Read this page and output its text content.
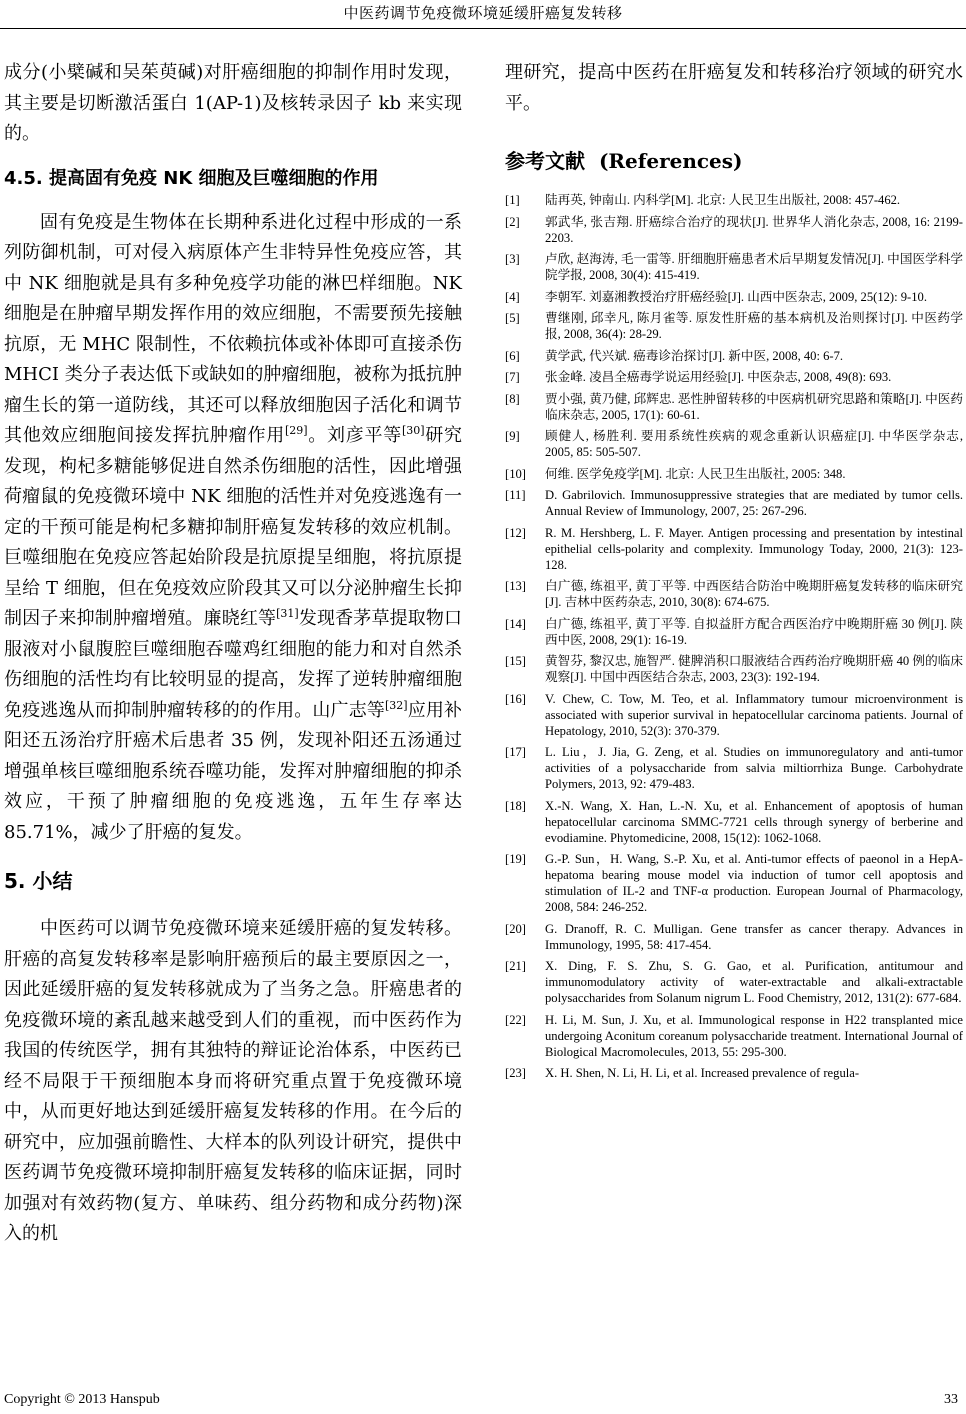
中医药调节免疫微环境延缓肝癌复发转移

成分(小檗碱和吴茱萸碱)对肝癌细胞的抑制作用时发现，其主要是切断激活蛋白 1(AP-1)及核转录因子 kb 来实现的。

4.5. 提高固有免疫 NK 细胞及巨噬细胞的作用

固有免疫是生物体在长期种系进化过程中形成的一系列防御机制，可对侵入病原体产生非特异性免疫应答，其中 NK 细胞就是具有多种免疫学功能的淋巴样细胞。NK 细胞是在肿瘤早期发挥作用的效应细胞，不需要预先接触抗原，无 MHC 限制性，不依赖抗体或补体即可直接杀伤 MHCI 类分子表达低下或缺如的肿瘤细胞，被称为抵抗肿瘤生长的第一道防线，其还可以释放细胞因子活化和调节其他效应细胞间接发挥抗肿瘤作用[29]。刘彦平等[30]研究发现，枸杞多糖能够促进自然杀伤细胞的活性，因此增强荷瘤鼠的免疫微环境中 NK 细胞的活性并对免疫逃逸有一定的干预可能是枸杞多糖抑制肝癌复发转移的效应机制。巨噬细胞在免疫应答起始阶段是抗原提呈细胞，将抗原提呈给 T 细胞，但在免疫效应阶段其又可以分泌肿瘤生长抑制因子来抑制肿瘤增殖。廉晓红等[31]发现香茅草提取物口服液对小鼠腹腔巨噬细胞吞噬鸡红细胞的能力和对自然杀伤细胞的活性均有比较明显的提高，发挥了逆转肿瘤细胞免疫逃逸从而抑制肿瘤转移的的作用。山广志等[32]应用补阳还五汤治疗肝癌术后患者 35 例，发现补阳还五汤通过增强单核巨噬细胞系统吞噬功能，发挥对肿瘤细胞的抑杀效应，干预了肿瘤细胞的免疫逃逸，五年生存率达 85.71%，减少了肝癌的复发。

5. 小结

中医药可以调节免疫微环境来延缓肝癌的复发转移。肝癌的高复发转移率是影响肝癌预后的最主要原因之一，因此延缓肝癌的复发转移就成为了当务之急。肝癌患者的免疫微环境的紊乱越来越受到人们的重视，而中医药作为我国的传统医学，拥有其独特的辩证论治体系，中医药已经不局限于干预细胞本身而将研究重点置于免疫微环境中，从而更好地达到延缓肝癌复发转移的作用。在今后的研究中，应加强前瞻性、大样本的队列设计研究，提供中医药调节免疫微环境抑制肝癌复发转移的临床证据，同时加强对有效药物(复方、单味药、组分药物和成分药物)深入的机

理研究，提高中医药在肝癌复发和转移治疗领域的研究水平。

参考文献 (References)
[1]	陆再英, 钟南山. 内科学[M]. 北京: 人民卫生出版社, 2008: 457-462.
[2]	郭武华, 张吉翔. 肝癌综合治疗的现状[J]. 世界华人消化杂志, 2008, 16: 2199-2203.
[3]	卢欣, 赵海涛, 毛一雷等. 肝细胞肝癌患者术后早期复发情况[J]. 中国医学科学院学报, 2008, 30(4): 415-419.
[4]	李朝军. 刘嘉湘教授治疗肝癌经验[J]. 山西中医杂志, 2009, 25(12): 9-10.
[5]	曹继刚, 邱幸凡, 陈月雀等. 原发性肝癌的基本病机及治则探讨[J]. 中医药学报, 2008, 36(4): 28-29.
[6]	黄学武, 代兴斌. 癌毒诊治探讨[J]. 新中医, 2008, 40: 6-7.
[7]	张金峰. 凌昌全癌毒学说运用经验[J]. 中医杂志, 2008, 49(8): 693.
[8]	贾小强, 黄乃健, 邱辉忠. 恶性肿留转移的中医病机研究思路和策略[J]. 中医药临床杂志, 2005, 17(1): 60-61.
[9]	顾健人, 杨胜利. 要用系统性疾病的观念重新认识癌症[J]. 中华医学杂志, 2005, 85: 505-507.
[10]	何维. 医学免疫学[M]. 北京: 人民卫生出版社, 2005: 348.
[11]	D. Gabrilovich. Immunosuppressive strategies that are mediated by tumor cells. Annual Review of Immunology, 2007, 25: 267-296.
[12]	R. M. Hershberg, L. F. Mayer. Antigen processing and presentation by intestinal epithelial cells-polarity and complexity. Immunology Today, 2000, 21(3): 123-128.
[13]	白广德, 练祖平, 黄丁平等. 中西医结合防治中晚期肝癌复发转移的临床研究[J]. 吉林中医药杂志, 2010, 30(8): 674-675.
[14]	白广德, 练祖平, 黄丁平等. 自拟益肝方配合西医治疗中晚期肝癌 30 例[J]. 陕西中医, 2008, 29(1): 16-19.
[15]	黄智芬, 黎汉忠, 施智严. 健脾消积口服液结合西药治疗晚期肝癌 40 例的临床观察[J]. 中国中西医结合杂志, 2003, 23(3): 192-194.
[16]	V. Chew, C. Tow, M. Teo, et al. Inflammatory tumour microenvironment is associated with superior survival in hepatocellular carcinoma patients. Journal of Hepatology, 2010, 52(3): 370-379.
[17]	L. Liu，J. Jia, G. Zeng, et al. Studies on immunoregulatory and anti-tumor activities of a polysaccharide from salvia miltiorrhiza Bunge. Carbohydrate Polymers, 2013, 92: 479-483.
[18]	X.-N. Wang, X. Han, L.-N. Xu, et al. Enhancement of apoptosis of human hepatocellular carcinoma SMMC-7721 cells through synergy of berberine and evodiamine. Phytomedicine, 2008, 15(12): 1062-1068.
[19]	G.-P. Sun，H. Wang, S.-P. Xu, et al. Anti-tumor effects of paeonol in a HepA-hepatoma bearing mouse model via induction of tumor cell apoptosis and stimulation of IL-2 and TNF-α production. European Journal of Pharmacology, 2008, 584: 246-252.
[20]	G. Dranoff, R. C. Mulligan. Gene transfer as cancer therapy. Advances in Immunology, 1995, 58: 417-454.
[21]	X. Ding, F. S. Zhu, S. G. Gao, et al. Purification, antitumour and immunomodulatory activity of water-extractable and alkali-extractable polysaccharides from Solanum nigrum L. Food Chemistry, 2012, 131(2): 677-684.
[22]	H. Li, M. Sun, J. Xu, et al. Immunological response in H22 transplanted mice undergoing Aconitum coreanum polysaccharide treatment. International Journal of Biological Macromolecules, 2013, 55: 295-300.
[23]	X. H. Shen, N. Li, H. Li, et al. Increased prevalence of regula-
Copyright © 2013 Hanspub	33
